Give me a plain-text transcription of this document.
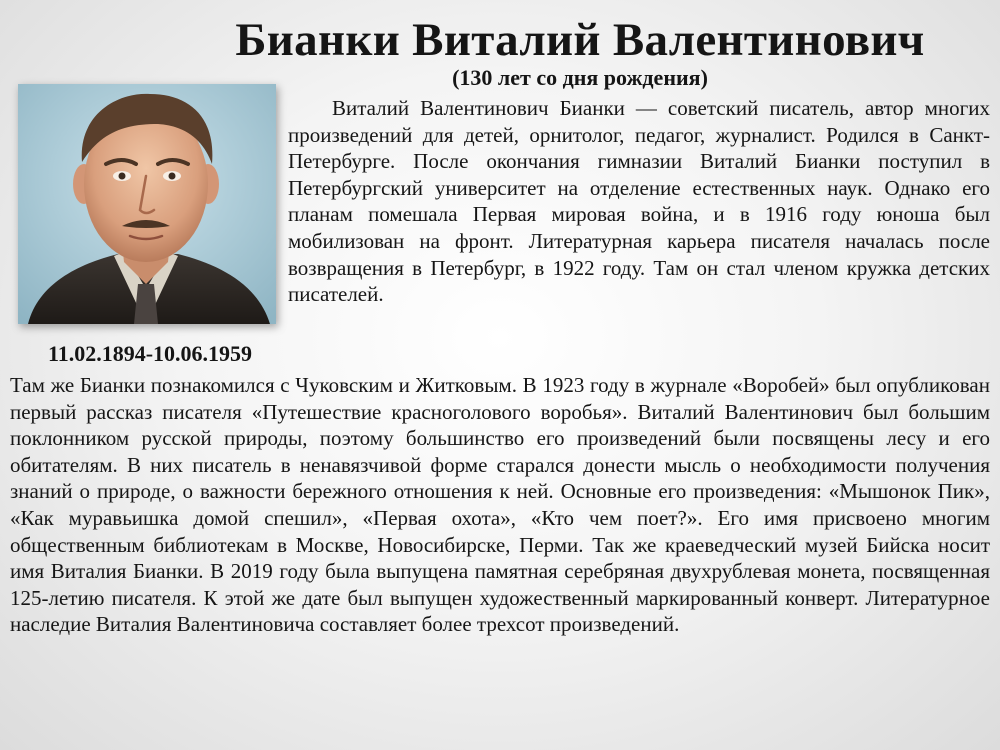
Бианки Виталий Валентинович

(130 лет со дня рождения)

11.02.1894-10.06.1959

Виталий Валентинович Бианки — советский писатель, автор многих произведений для детей, орнитолог, педагог, журналист. Родился в Санкт-Петербурге. После окончания гимназии Виталий Бианки поступил в Петербургский университет на отделение естественных наук. Однако его планам помешала Первая мировая война, и в 1916 году юноша был мобилизован на фронт. Литературная карьера писателя началась после возвращения в Петербург, в 1922 году. Там он стал членом кружка детских писателей.

Там же Бианки познакомился с Чуковским и Житковым. В 1923 году в журнале «Воробей» был опубликован первый рассказ писателя «Путешествие красноголового воробья». Виталий Валентинович был большим поклонником русской природы, поэтому большинство его произведений были посвящены лесу и его обитателям. В них писатель в ненавязчивой форме старался донести мысль о необходимости получения знаний о природе, о важности бережного отношения к ней. Основные его произведения: «Мышонок Пик», «Как муравьишка домой спешил», «Первая охота», «Кто чем поет?». Его имя присвоено многим общественным библиотекам в Москве, Новосибирске, Перми. Так же краеведческий музей Бийска носит имя Виталия Бианки. В 2019 году была выпущена памятная серебряная двухрублевая монета, посвященная 125-летию писателя. К этой же дате был выпущен художественный маркированный конверт. Литературное наследие Виталия Валентиновича составляет более трехсот произведений.
